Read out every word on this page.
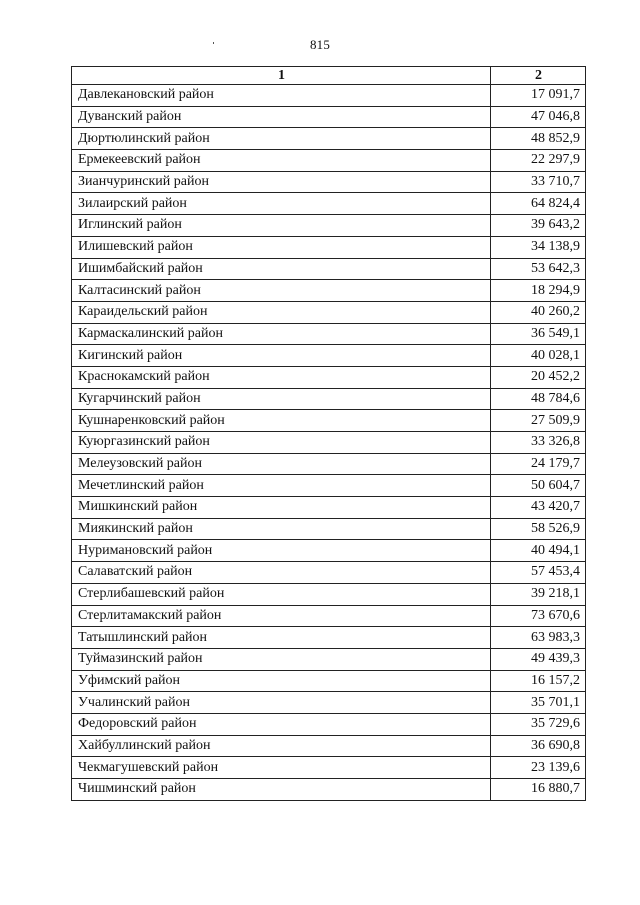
815
1	2
Давлекановский район	17 091,7
Дуванский район	47 046,8
Дюртюлинский район	48 852,9
Ермекеевский район	22 297,9
Зианчуринский район	33 710,7
Зилаирский район	64 824,4
Иглинский район	39 643,2
Илишевский район	34 138,9
Ишимбайский район	53 642,3
Калтасинский район	18 294,9
Караидельский район	40 260,2
Кармаскалинский район	36 549,1
Кигинский район	40 028,1
Краснокамский район	20 452,2
Кугарчинский район	48 784,6
Кушнаренковский район	27 509,9
Куюргазинский район	33 326,8
Мелеузовский район	24 179,7
Мечетлинский район	50 604,7
Мишкинский район	43 420,7
Миякинский район	58 526,9
Нуримановский район	40 494,1
Салаватский район	57 453,4
Стерлибашевский район	39 218,1
Стерлитамакский район	73 670,6
Татышлинский район	63 983,3
Туймазинский район	49 439,3
Уфимский район	16 157,2
Учалинский район	35 701,1
Федоровский район	35 729,6
Хайбуллинский район	36 690,8
Чекмагушевский район	23 139,6
Чишминский район	16 880,7
